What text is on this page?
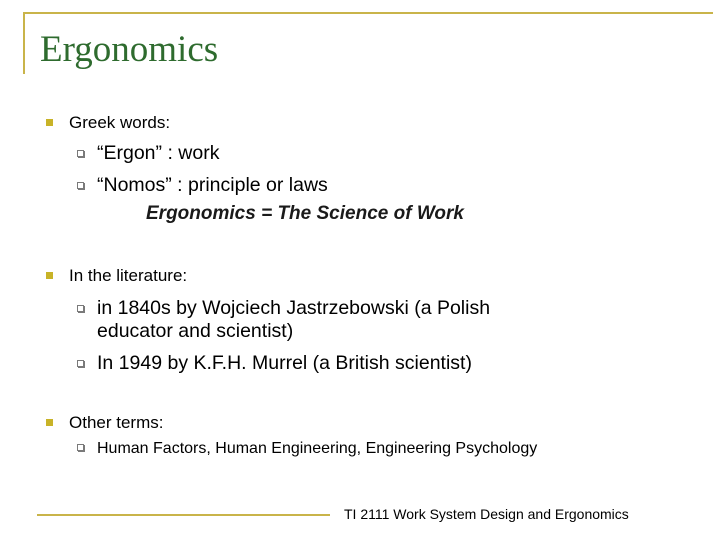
Ergonomics
Greek words:
“Ergon” : work
“Nomos” : principle or laws
Ergonomics = The Science of Work
In the literature:
in 1840s by Wojciech Jastrzebowski (a Polish
educator and scientist)
In 1949 by K.F.H. Murrel (a British scientist)
Other terms:
Human Factors, Human Engineering, Engineering Psychology
TI 2111 Work System Design and Ergonomics
